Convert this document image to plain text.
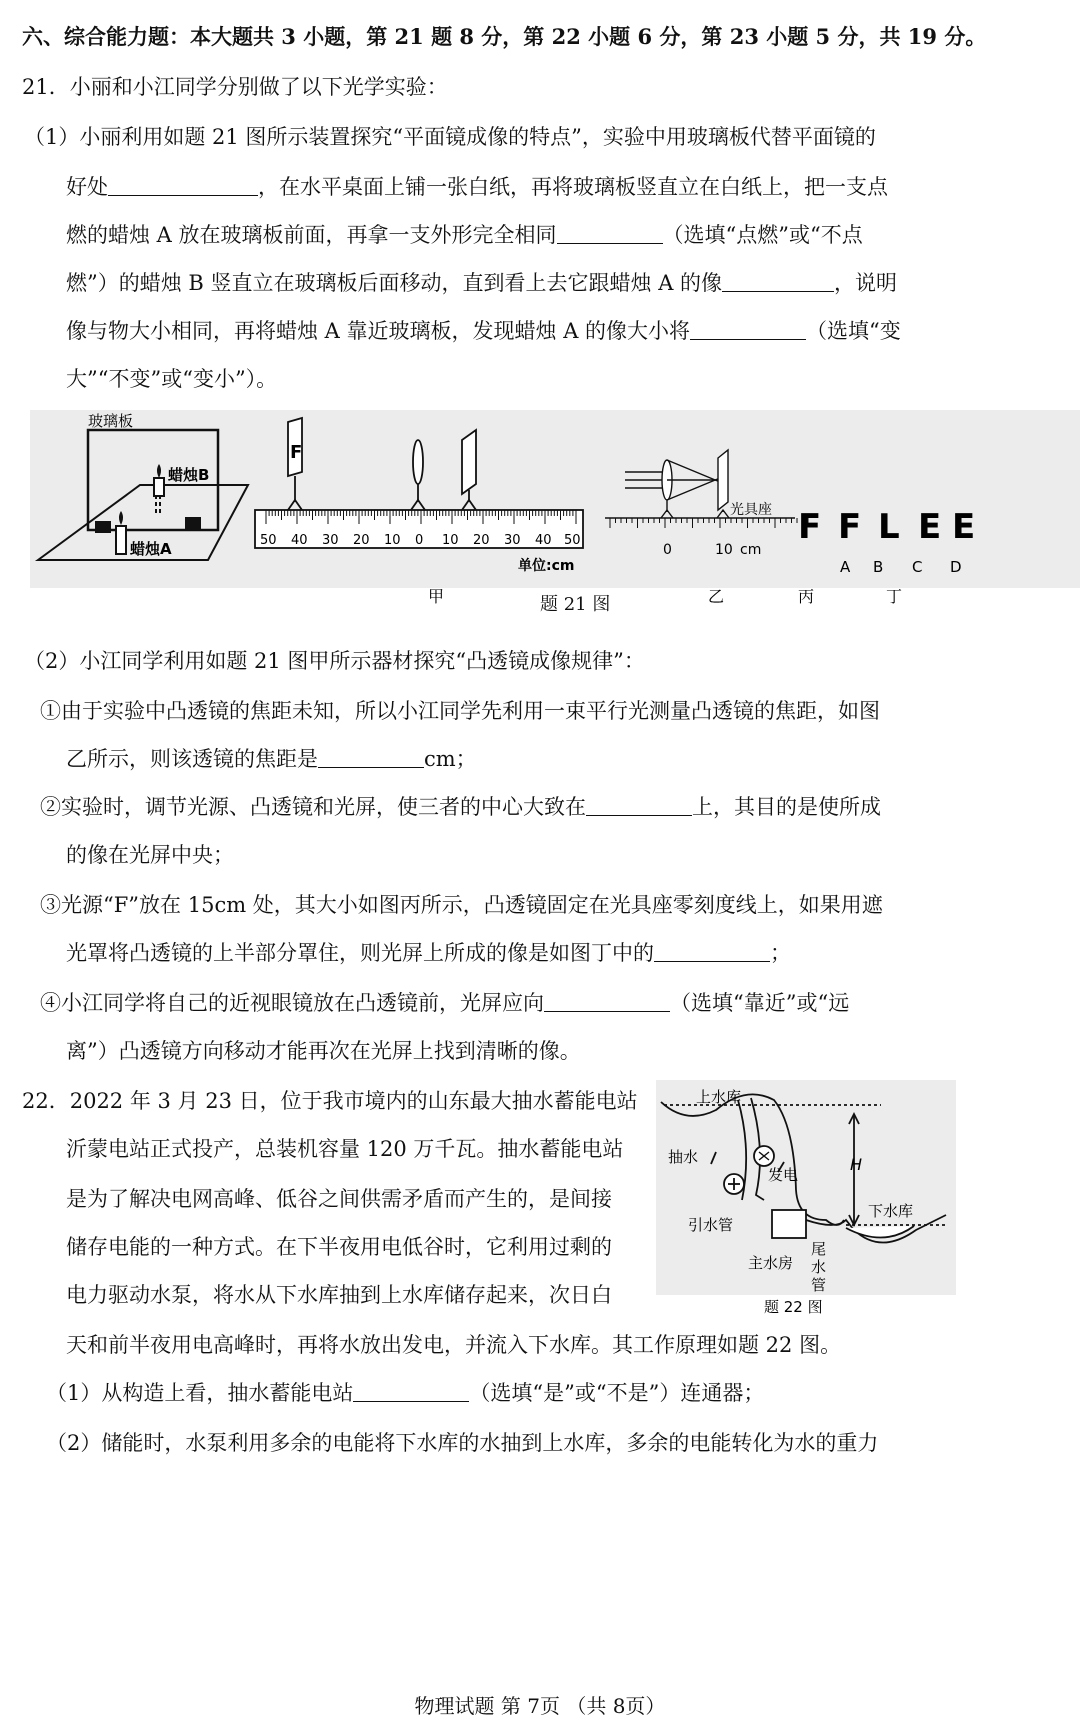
六、综合能力题：本大题共 3 小题，第 21 题 8 分，第 22 小题 6 分，第 23 小题 5 分，共 19 分。
21．小丽和小江同学分别做了以下光学实验：
（1）小丽利用如题 21 图所示装置探究“平面镜成像的特点”，实验中用玻璃板代替平面镜的
好处	，在水平桌面上铺一张白纸，再将玻璃板竖直立在白纸上，把一支点
燃的蜡烛 A 放在玻璃板前面，再拿一支外形完全相同	（选填“点燃”或“不点
燃”）的蜡烛 B 竖直立在玻璃板后面移动，直到看上去它跟蜡烛 A 的像	，说明
像与物大小相同，再将蜡烛 A 靠近玻璃板，发现蜡烛 A 的像大小将	（选填“变
大”“不变”或“变小”）。
玻璃板
蜡烛B
蜡烛A
F
50 40 30 20 10 0 10 20 30 40 50
单位:cm
甲
0	10 cm
光具座
乙
F F L E E
A B C D
丙	丁
题 21 图
（2）小江同学利用如题 21 图甲所示器材探究“凸透镜成像规律”：
①由于实验中凸透镜的焦距未知，所以小江同学先利用一束平行光测量凸透镜的焦距，如图
乙所示，则该透镜的焦距是	cm；
②实验时，调节光源、凸透镜和光屏，使三者的中心大致在	上，其目的是使所成
的像在光屏中央；
③光源“F”放在 15cm 处，其大小如图丙所示，凸透镜固定在光具座零刻度线上，如果用遮
光罩将凸透镜的上半部分罩住，则光屏上所成的像是如图丁中的	；
④小江同学将自己的近视眼镜放在凸透镜前，光屏应向	（选填“靠近”或“远
离”）凸透镜方向移动才能再次在光屏上找到清晰的像。
22．2022 年 3 月 23 日，位于我市境内的山东最大抽水蓄能电站
沂蒙电站正式投产，总装机容量 120 万千瓦。抽水蓄能电站
是为了解决电网高峰、低谷之间供需矛盾而产生的，是间接
储存电能的一种方式。在下半夜用电低谷时，它利用过剩的
电力驱动水泵，将水从下水库抽到上水库储存起来，次日白
天和前半夜用电高峰时，再将水放出发电，并流入下水库。其工作原理如题 22 图。
（1）从构造上看，抽水蓄能电站	（选填“是”或“不是”）连通器；
（2）储能时，水泵利用多余的电能将下水库的水抽到上水库，多余的电能转化为水的重力
上水库
抽水
发电
H
下水库
引水管
主水房
尾
水
管
题 22 图
物理试题 第 7页 （共 8页）
